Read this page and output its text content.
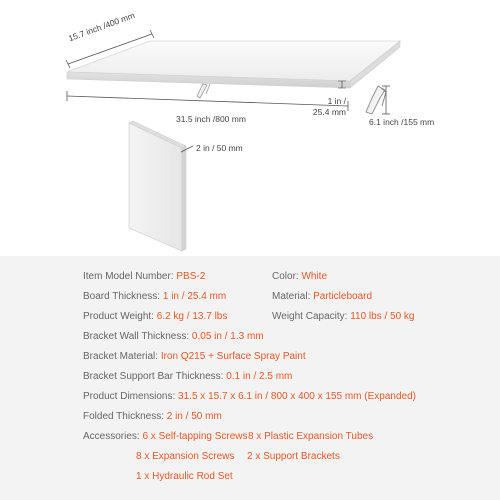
15.7 inch /400 mm
31.5 inch /800 mm
1 in /
25.4 mm
6.1 inch /155 mm
2 in / 50 mm
Item Model Number: PBS-2	Color: White
Board Thickness: 1 in / 25.4 mm	Material: Particleboard
Product Weight: 6.2 kg / 13.7 lbs	Weight Capacity: 110 lbs / 50 kg
Bracket Wall Thickness: 0.05 in / 1.3 mm
Bracket Material: Iron Q215 + Surface Spray Paint
Bracket Support Bar Thickness: 0.1 in / 2.5 mm
Product Dimensions: 31.5 x 15.7 x 6.1 in / 800 x 400 x 155 mm (Expanded)
Folded Thickness: 2 in / 50 mm
Accessories: 6 x Self-tapping Screws 8 x Plastic Expansion Tubes
8 x Expansion Screws 2 x Support Brackets
1 x Hydraulic Rod Set
